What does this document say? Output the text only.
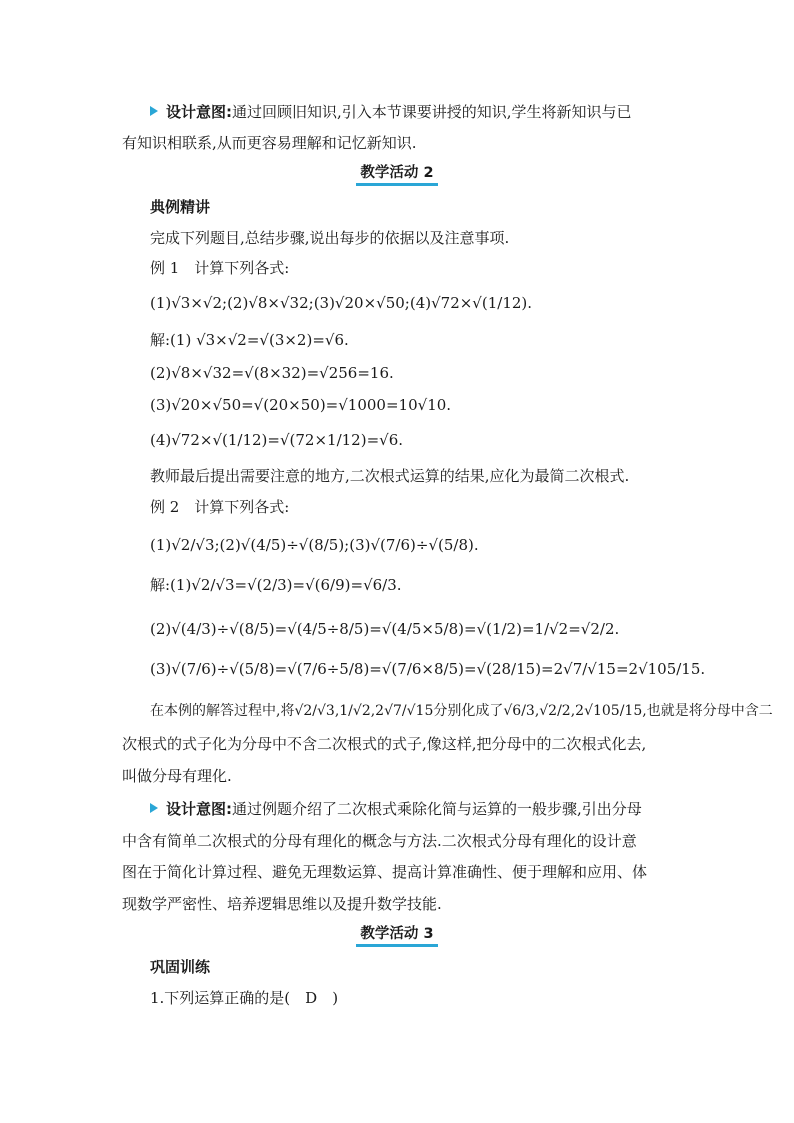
设计意图:通过回顾旧知识,引入本节课要讲授的知识,学生将新知识与已
有知识相联系,从而更容易理解和记忆新知识.
教学活动 2
典例精讲
完成下列题目,总结步骤,说出每步的依据以及注意事项.
例 1　计算下列各式:
(1)√3×√2;(2)√8×√32;(3)√20×√50;(4)√72×√(1/12).
解:(1) √3×√2=√(3×2)=√6.
(2)√8×√32=√(8×32)=√256=16.
(3)√20×√50=√(20×50)=√1000=10√10.
(4)√72×√(1/12)=√(72×1/12)=√6.
教师最后提出需要注意的地方,二次根式运算的结果,应化为最简二次根式.
例 2　计算下列各式:
(1)√2/√3;(2)√(4/5)÷√(8/5);(3)√(7/6)÷√(5/8).
解:(1)√2/√3=√(2/3)=√(6/9)=√6/3.
(2)√(4/3)÷√(8/5)=√(4/5÷8/5)=√(4/5×5/8)=√(1/2)=1/√2=√2/2.
(3)√(7/6)÷√(5/8)=√(7/6÷5/8)=√(7/6×8/5)=√(28/15)=2√7/√15=2√105/15.
在本例的解答过程中,将√2/√3,1/√2,2√7/√15分别化成了√6/3,√2/2,2√105/15,也就是将分母中含二
次根式的式子化为分母中不含二次根式的式子,像这样,把分母中的二次根式化去,
叫做分母有理化.
设计意图:通过例题介绍了二次根式乘除化简与运算的一般步骤,引出分母
中含有简单二次根式的分母有理化的概念与方法.二次根式分母有理化的设计意
图在于简化计算过程、避免无理数运算、提高计算准确性、便于理解和应用、体
现数学严密性、培养逻辑思维以及提升数学技能.
教学活动 3
巩固训练
1.下列运算正确的是(　D　)
